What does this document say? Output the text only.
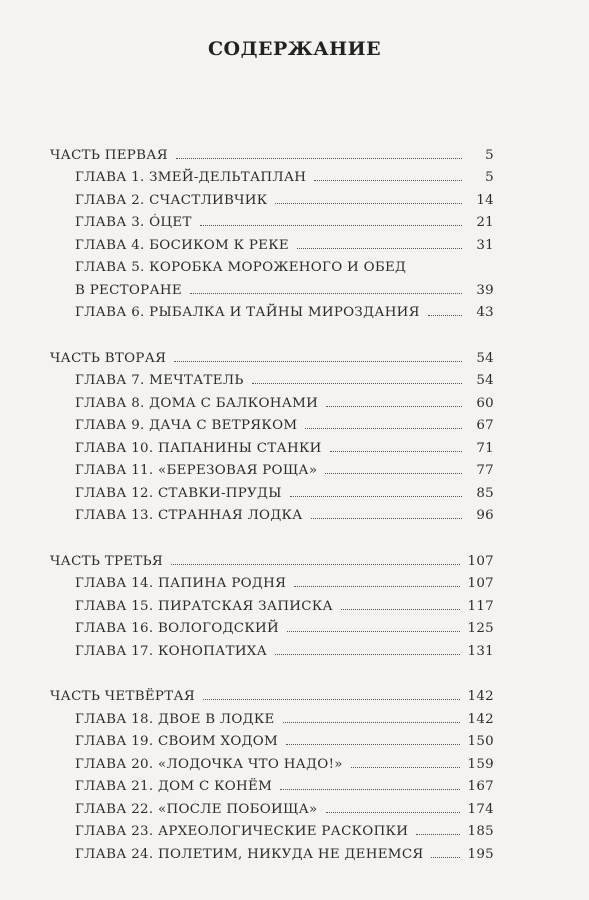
СОДЕРЖАНИЕ
ЧАСТЬ ПЕРВАЯ	5
ГЛАВА 1. ЗМЕЙ-ДЕЛЬТАПЛАН	5
ГЛАВА 2. СЧАСТЛИВЧИК	14
ГЛАВА 3. ÓЦЕТ	21
ГЛАВА 4. БОСИКОМ К РЕКЕ	31
ГЛАВА 5. КОРОБКА МОРОЖЕНОГО И ОБЕД
В РЕСТОРАНЕ	39
ГЛАВА 6. РЫБАЛКА И ТАЙНЫ МИРОЗДАНИЯ	43
ЧАСТЬ ВТОРАЯ	54
ГЛАВА 7. МЕЧТАТЕЛЬ	54
ГЛАВА 8. ДОМА С БАЛКОНАМИ	60
ГЛАВА 9. ДАЧА С ВЕТРЯКОМ	67
ГЛАВА 10. ПАПАНИНЫ СТАНКИ	71
ГЛАВА 11. «БЕРЕЗОВАЯ РОЩА»	77
ГЛАВА 12. СТАВКИ-ПРУДЫ	85
ГЛАВА 13. СТРАННАЯ ЛОДКА	96
ЧАСТЬ ТРЕТЬЯ	107
ГЛАВА 14. ПАПИНА РОДНЯ	107
ГЛАВА 15. ПИРАТСКАЯ ЗАПИСКА	117
ГЛАВА 16. ВОЛОГОДСКИЙ	125
ГЛАВА 17. КОНОПАТИХА	131
ЧАСТЬ ЧЕТВЁРТАЯ	142
ГЛАВА 18. ДВОЕ В ЛОДКЕ	142
ГЛАВА 19. СВОИМ ХОДОМ	150
ГЛАВА 20. «ЛОДОЧКА ЧТО НАДО!»	159
ГЛАВА 21. ДОМ С КОНЁМ	167
ГЛАВА 22. «ПОСЛЕ ПОБОИЩА»	174
ГЛАВА 23. АРХЕОЛОГИЧЕСКИЕ РАСКОПКИ	185
ГЛАВА 24. ПОЛЕТИМ, НИКУДА НЕ ДЕНЕМСЯ	195
